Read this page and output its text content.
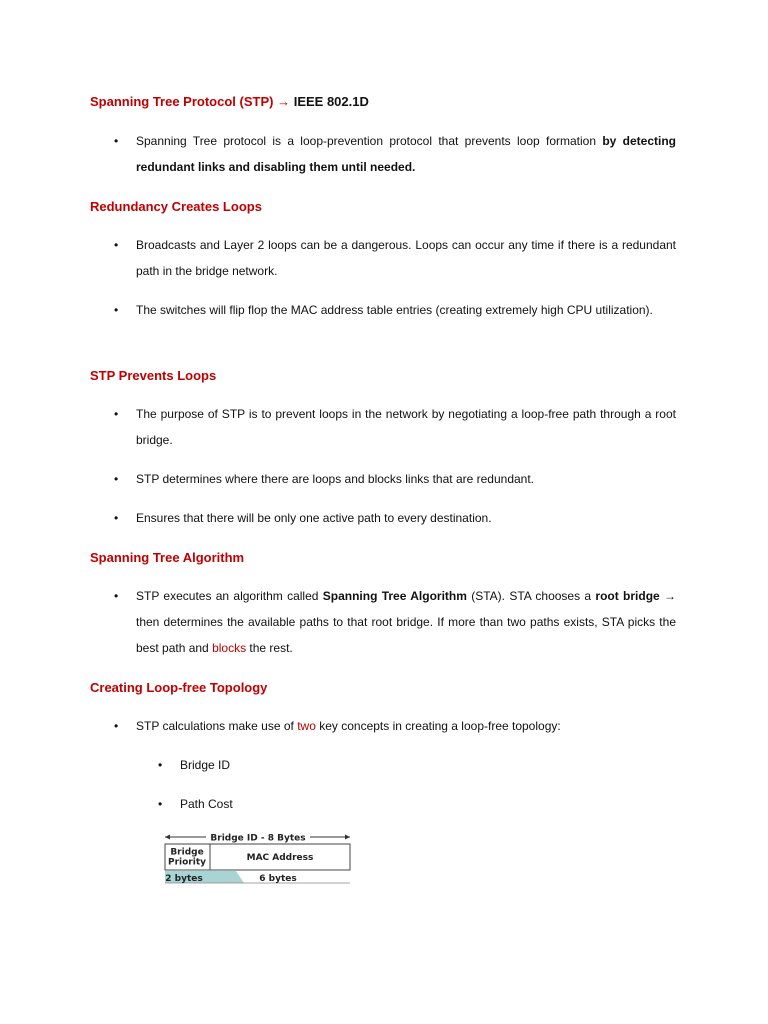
Spanning Tree Protocol (STP) → IEEE 802.1D
• Spanning Tree protocol is a loop-prevention protocol that prevents loop formation by detecting redundant links and disabling them until needed.
Redundancy Creates Loops
• Broadcasts and Layer 2 loops can be a dangerous. Loops can occur any time if there is a redundant path in the bridge network.
• The switches will flip flop the MAC address table entries (creating extremely high CPU utilization).
STP Prevents Loops
• The purpose of STP is to prevent loops in the network by negotiating a loop-free path through a root bridge.
• STP determines where there are loops and blocks links that are redundant.
• Ensures that there will be only one active path to every destination.
Spanning Tree Algorithm
• STP executes an algorithm called Spanning Tree Algorithm (STA). STA chooses a root bridge → then determines the available paths to that root bridge. If more than two paths exists, STA picks the best path and blocks the rest.
Creating Loop-free Topology
• STP calculations make use of two key concepts in creating a loop-free topology:
• Bridge ID
• Path Cost
Bridge ID - 8 Bytes
Bridge
Priority	MAC Address
2 bytes	6 bytes
